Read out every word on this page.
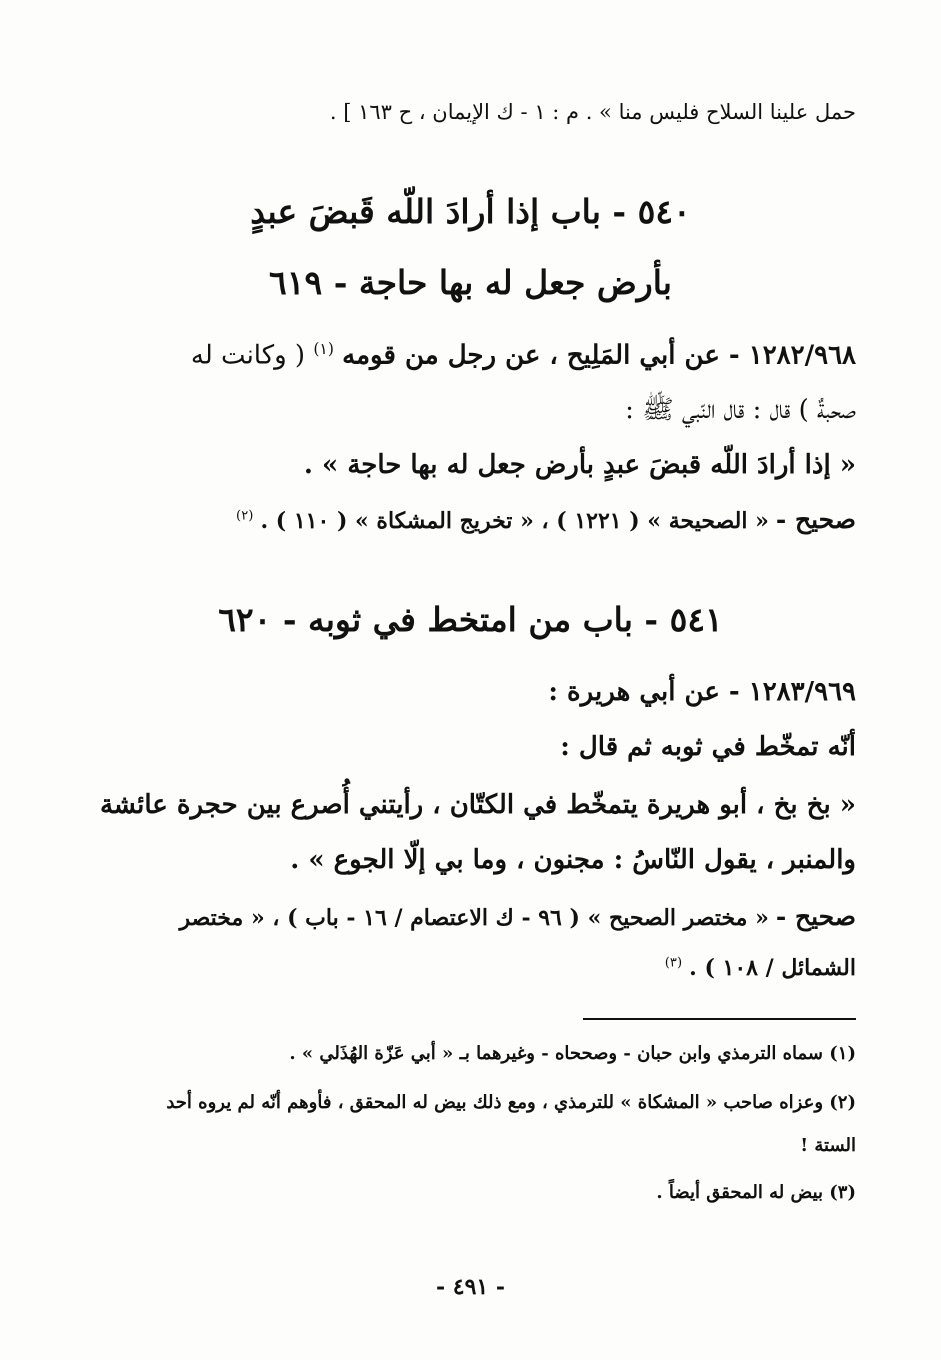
حمل علينا السلاح فليس منا » . م : ١ - ك الإيمان ، ح ١٦٣ ] .
٥٤٠ - باب إذا أرادَ اللّه قَبضَ عبدٍ
بأرض جعل له بها حاجة - ٦١٩
١٢٨٢/٩٦٨ - عن أبي المَلِيح ، عن رجل من قومه $^{(١)}$ ( وكانت له
صحبةٌ ) قال : قال النّبي ﷺ :
« إذا أرادَ اللّه قبضَ عبدٍ بأرض جعل له بها حاجة » .
صحيح - « الصحيحة » ( ١٢٢١ ) ، « تخريج المشكاة » ( ١١٠ ) . $^{(٢)}$
٥٤١ - باب من امتخط في ثوبه - ٦٢٠
١٢٨٣/٩٦٩ - عن أبي هريرة :
أنّه تمخّط في ثوبه ثم قال :
« بخ بخ ، أبو هريرة يتمخّط في الكتّان ، رأيتني أُصرع بين حجرة عائشة
والمنبر ، يقول النّاسُ : مجنون ، وما بي إلّا الجوع » .
صحيح - « مختصر الصحيح » ( ٩٦ - ك الاعتصام / ١٦ - باب ) ، « مختصر
الشمائل / ١٠٨ ) . $^{(٣)}$
(١) سماه الترمذي وابن حبان - وصححاه - وغيرهما بـ « أبي عَزّة الهُذَلي » .
(٢) وعزاه صاحب « المشكاة » للترمذي ، ومع ذلك بيض له المحقق ، فأوهم أنّه لم يروه أحد
الستة !
(٣) بيض له المحقق أيضاً .
- ٤٩١ -
